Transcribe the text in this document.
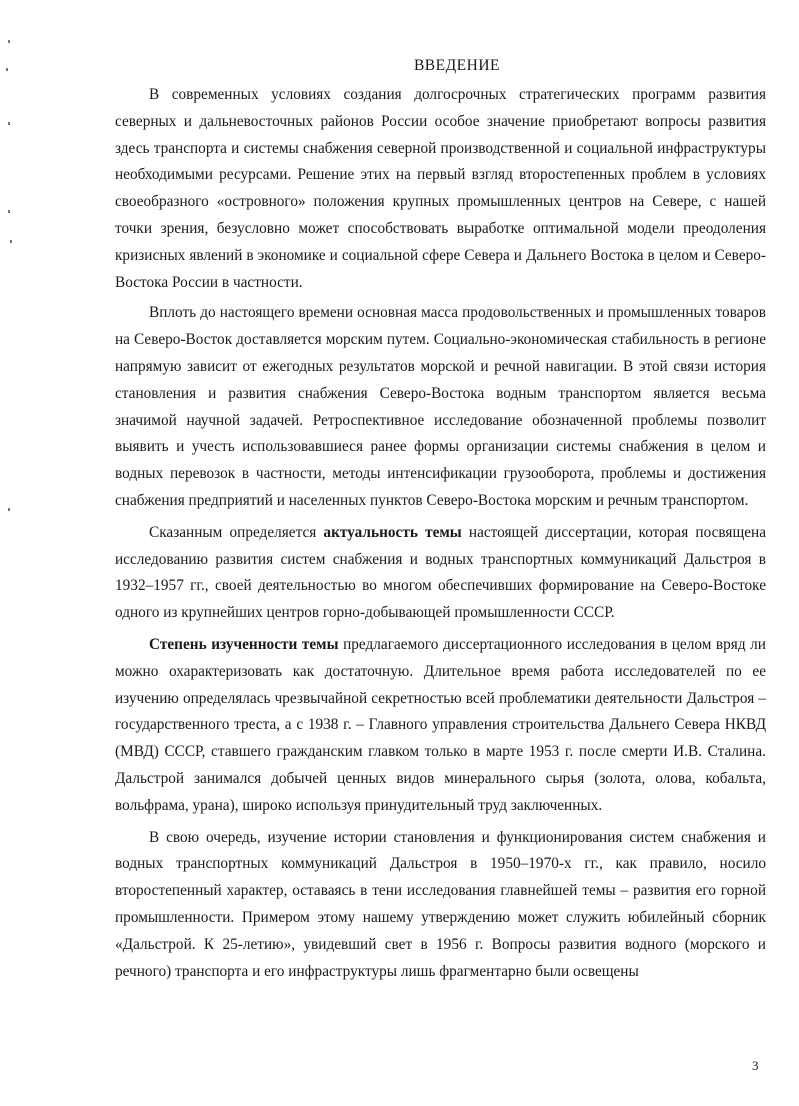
ВВЕДЕНИЕ

В современных условиях создания долгосрочных стратегических программ развития северных и дальневосточных районов России особое значение приобретают вопросы развития здесь транспорта и системы снабжения северной производственной и социальной инфраструктуры необходимыми ресурсами. Решение этих на первый взгляд второстепенных проблем в условиях своеобразного «островного» положения крупных промышленных центров на Севере, с нашей точки зрения, безусловно может способствовать выработке оптимальной модели преодоления кризисных явлений в экономике и социальной сфере Севера и Дальнего Востока в целом и Северо-Востока России в частности.

Вплоть до настоящего времени основная масса продовольственных и промышленных товаров на Северо-Восток доставляется морским путем. Социально-экономическая стабильность в регионе напрямую зависит от ежегодных результатов морской и речной навигации. В этой связи история становления и развития снабжения Северо-Востока водным транспортом является весьма значимой научной задачей. Ретроспективное исследование обозначенной проблемы позволит выявить и учесть использовавшиеся ранее формы организации системы снабжения в целом и водных перевозок в частности, методы интенсификации грузооборота, проблемы и достижения снабжения предприятий и населенных пунктов Северо-Востока морским и речным транспортом.

Сказанным определяется актуальность темы настоящей диссертации, которая посвящена исследованию развития систем снабжения и водных транспортных коммуникаций Дальстроя в 1932–1957 гг., своей деятельностью во многом обеспечивших формирование на Северо-Востоке одного из крупнейших центров горно-добывающей промышленности СССР.

Степень изученности темы предлагаемого диссертационного исследования в целом вряд ли можно охарактеризовать как достаточную. Длительное время работа исследователей по ее изучению определялась чрезвычайной секретностью всей проблематики деятельности Дальстроя – государственного треста, а с 1938 г. – Главного управления строительства Дальнего Севера НКВД (МВД) СССР, ставшего гражданским главком только в марте 1953 г. после смерти И.В. Сталина. Дальстрой занимался добычей ценных видов минерального сырья (золота, олова, кобальта, вольфрама, урана), широко используя принудительный труд заключенных.

В свою очередь, изучение истории становления и функционирования систем снабжения и водных транспортных коммуникаций Дальстроя в 1950–1970-х гг., как правило, носило второстепенный характер, оставаясь в тени исследования главнейшей темы – развития его горной промышленности. Примером этому нашему утверждению может служить юбилейный сборник «Дальстрой. К 25-летию», увидевший свет в 1956 г. Вопросы развития водного (морского и речного) транспорта и его инфраструктуры лишь фрагментарно были освещены

3
